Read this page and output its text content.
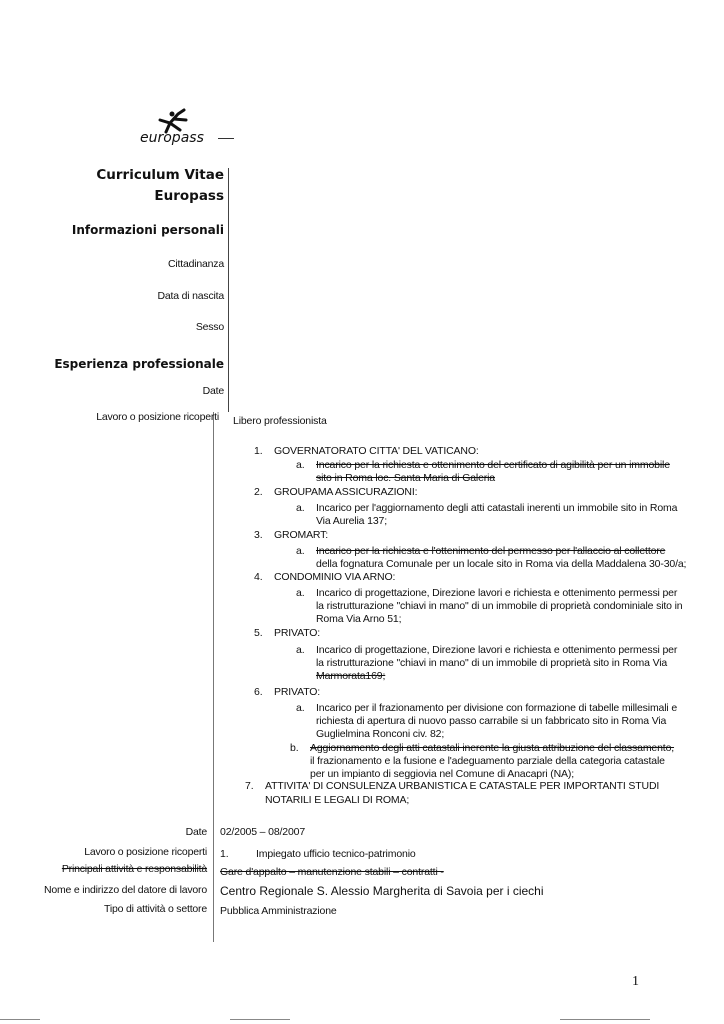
europass
Curriculum Vitae
Europass
Informazioni personali
Cittadinanza
Data di nascita
Sesso
Esperienza professionale
Date
Lavoro o posizione ricoperti Libero professionista
1. GOVERNATORATO CITTA' DEL VATICANO:
a. Incarico per la richiesta e ottenimento del certificato di agibilità per un immobile
sito in Roma loc. Santa Maria di Galeria
2. GROUPAMA ASSICURAZIONI:
a. Incarico per l'aggiornamento degli atti catastali inerenti un immobile sito in Roma
Via Aurelia 137;
3. GROMART:
a. Incarico per la richiesta e l'ottenimento del permesso per l'allaccio al collettore
della fognatura Comunale per un locale sito in Roma via della Maddalena 30-30/a;
4. CONDOMINIO VIA ARNO:
a. Incarico di progettazione, Direzione lavori e richiesta e ottenimento permessi per
la ristrutturazione "chiavi in mano" di un immobile di proprietà condominiale sito in
Roma Via Arno 51;
5. PRIVATO:
a. Incarico di progettazione, Direzione lavori e richiesta e ottenimento permessi per
la ristrutturazione "chiavi in mano" di un immobile di proprietà sito in Roma Via
Marmorata169;
6. PRIVATO:
a. Incarico per il frazionamento per divisione con formazione di tabelle millesimali e
richiesta di apertura di nuovo passo carrabile si un fabbricato sito in Roma Via
Guglielmina Ronconi civ. 82;
b. Aggiornamento degli atti catastali inerente la giusta attribuzione del classamento,
il frazionamento e la fusione e l'adeguamento parziale della categoria catastale
per un impianto di seggiovia nel Comune di Anacapri (NA);
7. ATTIVITA' DI CONSULENZA URBANISTICA E CATASTALE PER IMPORTANTI STUDI
NOTARILI E LEGALI DI ROMA;
Date 02/2005 – 08/2007
Lavoro o posizione ricoperti 1.	Impiegato ufficio tecnico-patrimonio
Principali attività e responsabilità Gare d'appalto – manutenzione stabili – contratti -
Nome e indirizzo del datore di lavoro Centro Regionale S. Alessio Margherita di Savoia per i ciechi
Tipo di attività o settore Pubblica Amministrazione
1
